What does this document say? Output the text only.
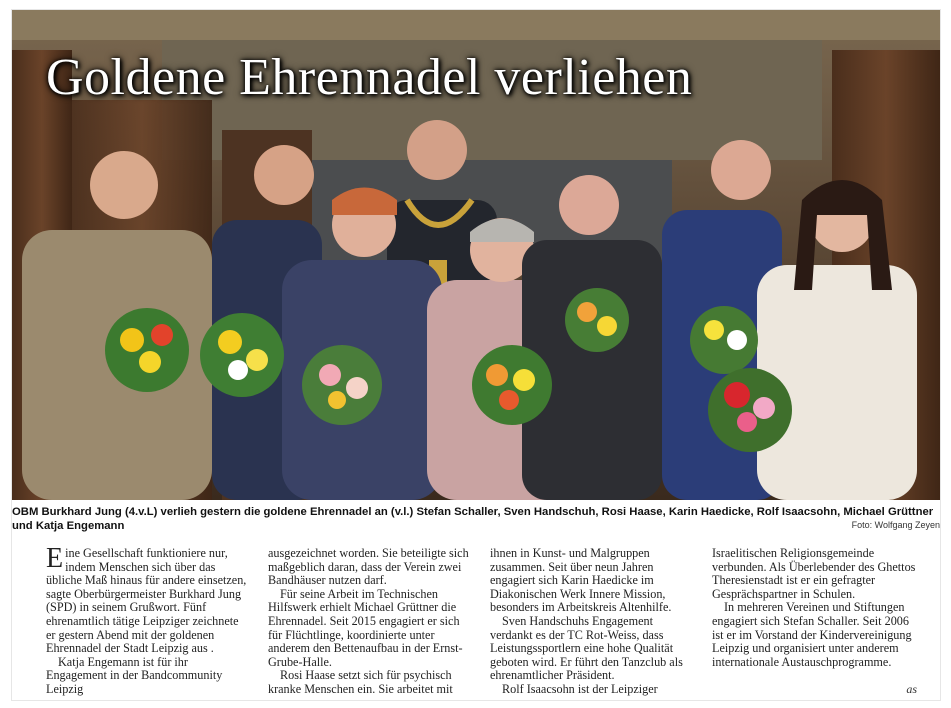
Goldene Ehrennadel verliehen
OBM Burkhard Jung (4.v.L) verlieh gestern die goldene Ehrennadel an (v.l.) Stefan Schaller, Sven Handschuh, Rosi Haase, Karin Haedicke, Rolf Isaacsohn, Michael Grüttner und Katja Engemann	Foto: Wolfgang Zeyen

Eine Gesellschaft funktioniere nur, indem Menschen sich über das übliche Maß hinaus für andere einsetzen, sagte Oberbürgermeister Burkhard Jung (SPD) in seinem Grußwort. Fünf ehrenamtlich tätige Leipziger zeichnete er gestern Abend mit der goldenen Ehrennadel der Stadt Leipzig aus .

Katja Engemann ist für ihr Engagement in der Bandcommunity Leipzig

ausgezeichnet worden. Sie beteiligte sich maßgeblich daran, dass der Verein zwei Bandhäuser nutzen darf.

Für seine Arbeit im Technischen Hilfswerk erhielt Michael Grüttner die Ehrennadel. Seit 2015 engagiert er sich für Flüchtlinge, koordinierte unter anderem den Bettenaufbau in der Ernst-Grube-Halle.

Rosi Haase setzt sich für psychisch kranke Menschen ein. Sie arbeitet mit

ihnen in Kunst- und Malgruppen zusammen. Seit über neun Jahren engagiert sich Karin Haedicke im Diakonischen Werk Innere Mission, besonders im Arbeitskreis Altenhilfe.

Sven Handschuhs Engagement verdankt es der TC Rot-Weiss, dass Leistungssportlern eine hohe Qualität geboten wird. Er führt den Tanzclub als ehrenamtlicher Präsident.

Rolf Isaacsohn ist der Leipziger

Israelitischen Religionsgemeinde verbunden. Als Überlebender des Ghettos Theresienstadt ist er ein gefragter Gesprächspartner in Schulen.

In mehreren Vereinen und Stiftungen engagiert sich Stefan Schaller. Seit 2006 ist er im Vorstand der Kindervereinigung Leipzig und organisiert unter anderem internationale Austauschprogramme.

as
